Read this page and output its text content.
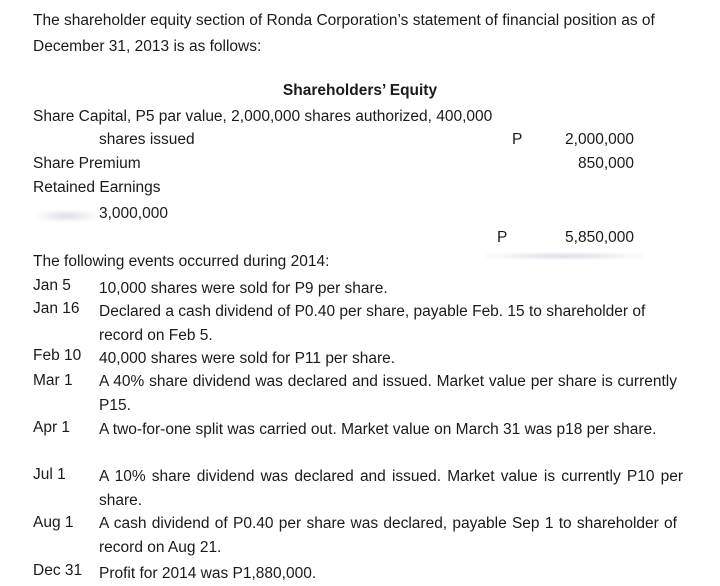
The shareholder equity section of Ronda Corporation’s statement of financial position as of December 31, 2013 is as follows:
Shareholders’ Equity
Share Capital, P5 par value, 2,000,000 shares authorized, 400,000
shares issued	P	2,000,000
Share Premium	850,000
Retained Earnings
3,000,000
P	5,850,000
The following events occurred during 2014:
Jan 5 10,000 shares were sold for P9 per share.
Jan 16 Declared a cash dividend of P0.40 per share, payable Feb. 15 to shareholder of record on Feb 5.
Feb 10 40,000 shares were sold for P11 per share.
Mar 1 A 40% share dividend was declared and issued. Market value per share is currently P15.
Apr 1 A two-for-one split was carried out. Market value on March 31 was p18 per share.
Jul 1 A 10% share dividend was declared and issued. Market value is currently P10 per share.
Aug 1 A cash dividend of P0.40 per share was declared, payable Sep 1 to shareholder of record on Aug 21.
Dec 31 Profit for 2014 was P1,880,000.
